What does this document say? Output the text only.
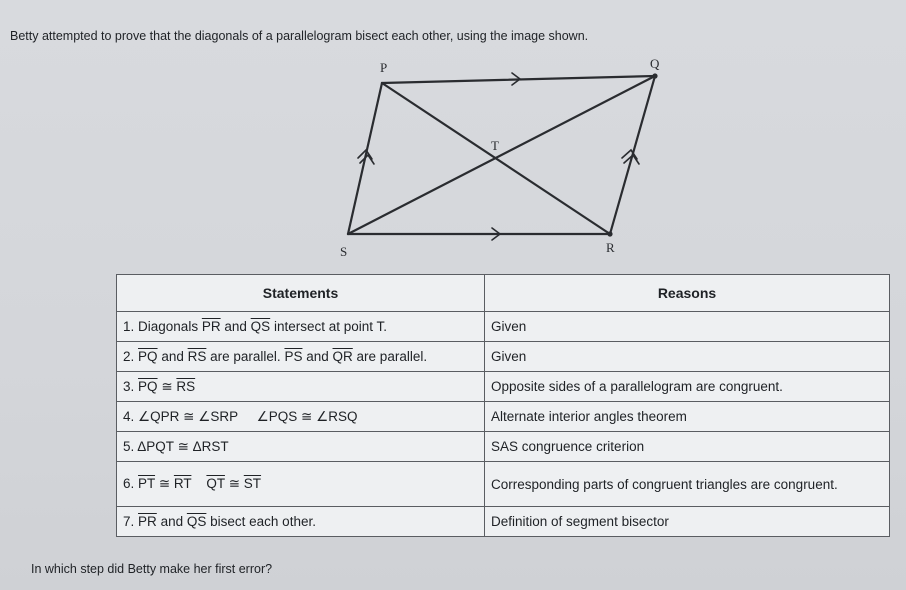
Betty attempted to prove that the diagonals of a parallelogram bisect each other, using the image shown.
P	Q
T
R
S
Statements	Reasons
1. Diagonals $\overline{PR}$ and $\overline{QS}$ intersect at point T.	Given
2. $\overline{PQ}$ and $\overline{RS}$ are parallel. $\overline{PS}$ and $\overline{QR}$ are parallel.	Given
3. $\overline{PQ}$ ≅ $\overline{RS}$	Opposite sides of a parallelogram are congruent.
4. ∠QPR ≅ ∠SRP ∠PQS ≅ ∠RSQ	Alternate interior angles theorem
5. ΔPQT ≅ ΔRST	SAS congruence criterion
6. $\overline{PT}$ ≅ $\overline{RT}$ $\overline{QT}$ ≅ $\overline{ST}$	Corresponding parts of congruent triangles are congruent.
7. $\overline{PR}$ and $\overline{QS}$ bisect each other.	Definition of segment bisector
In which step did Betty make her first error?
